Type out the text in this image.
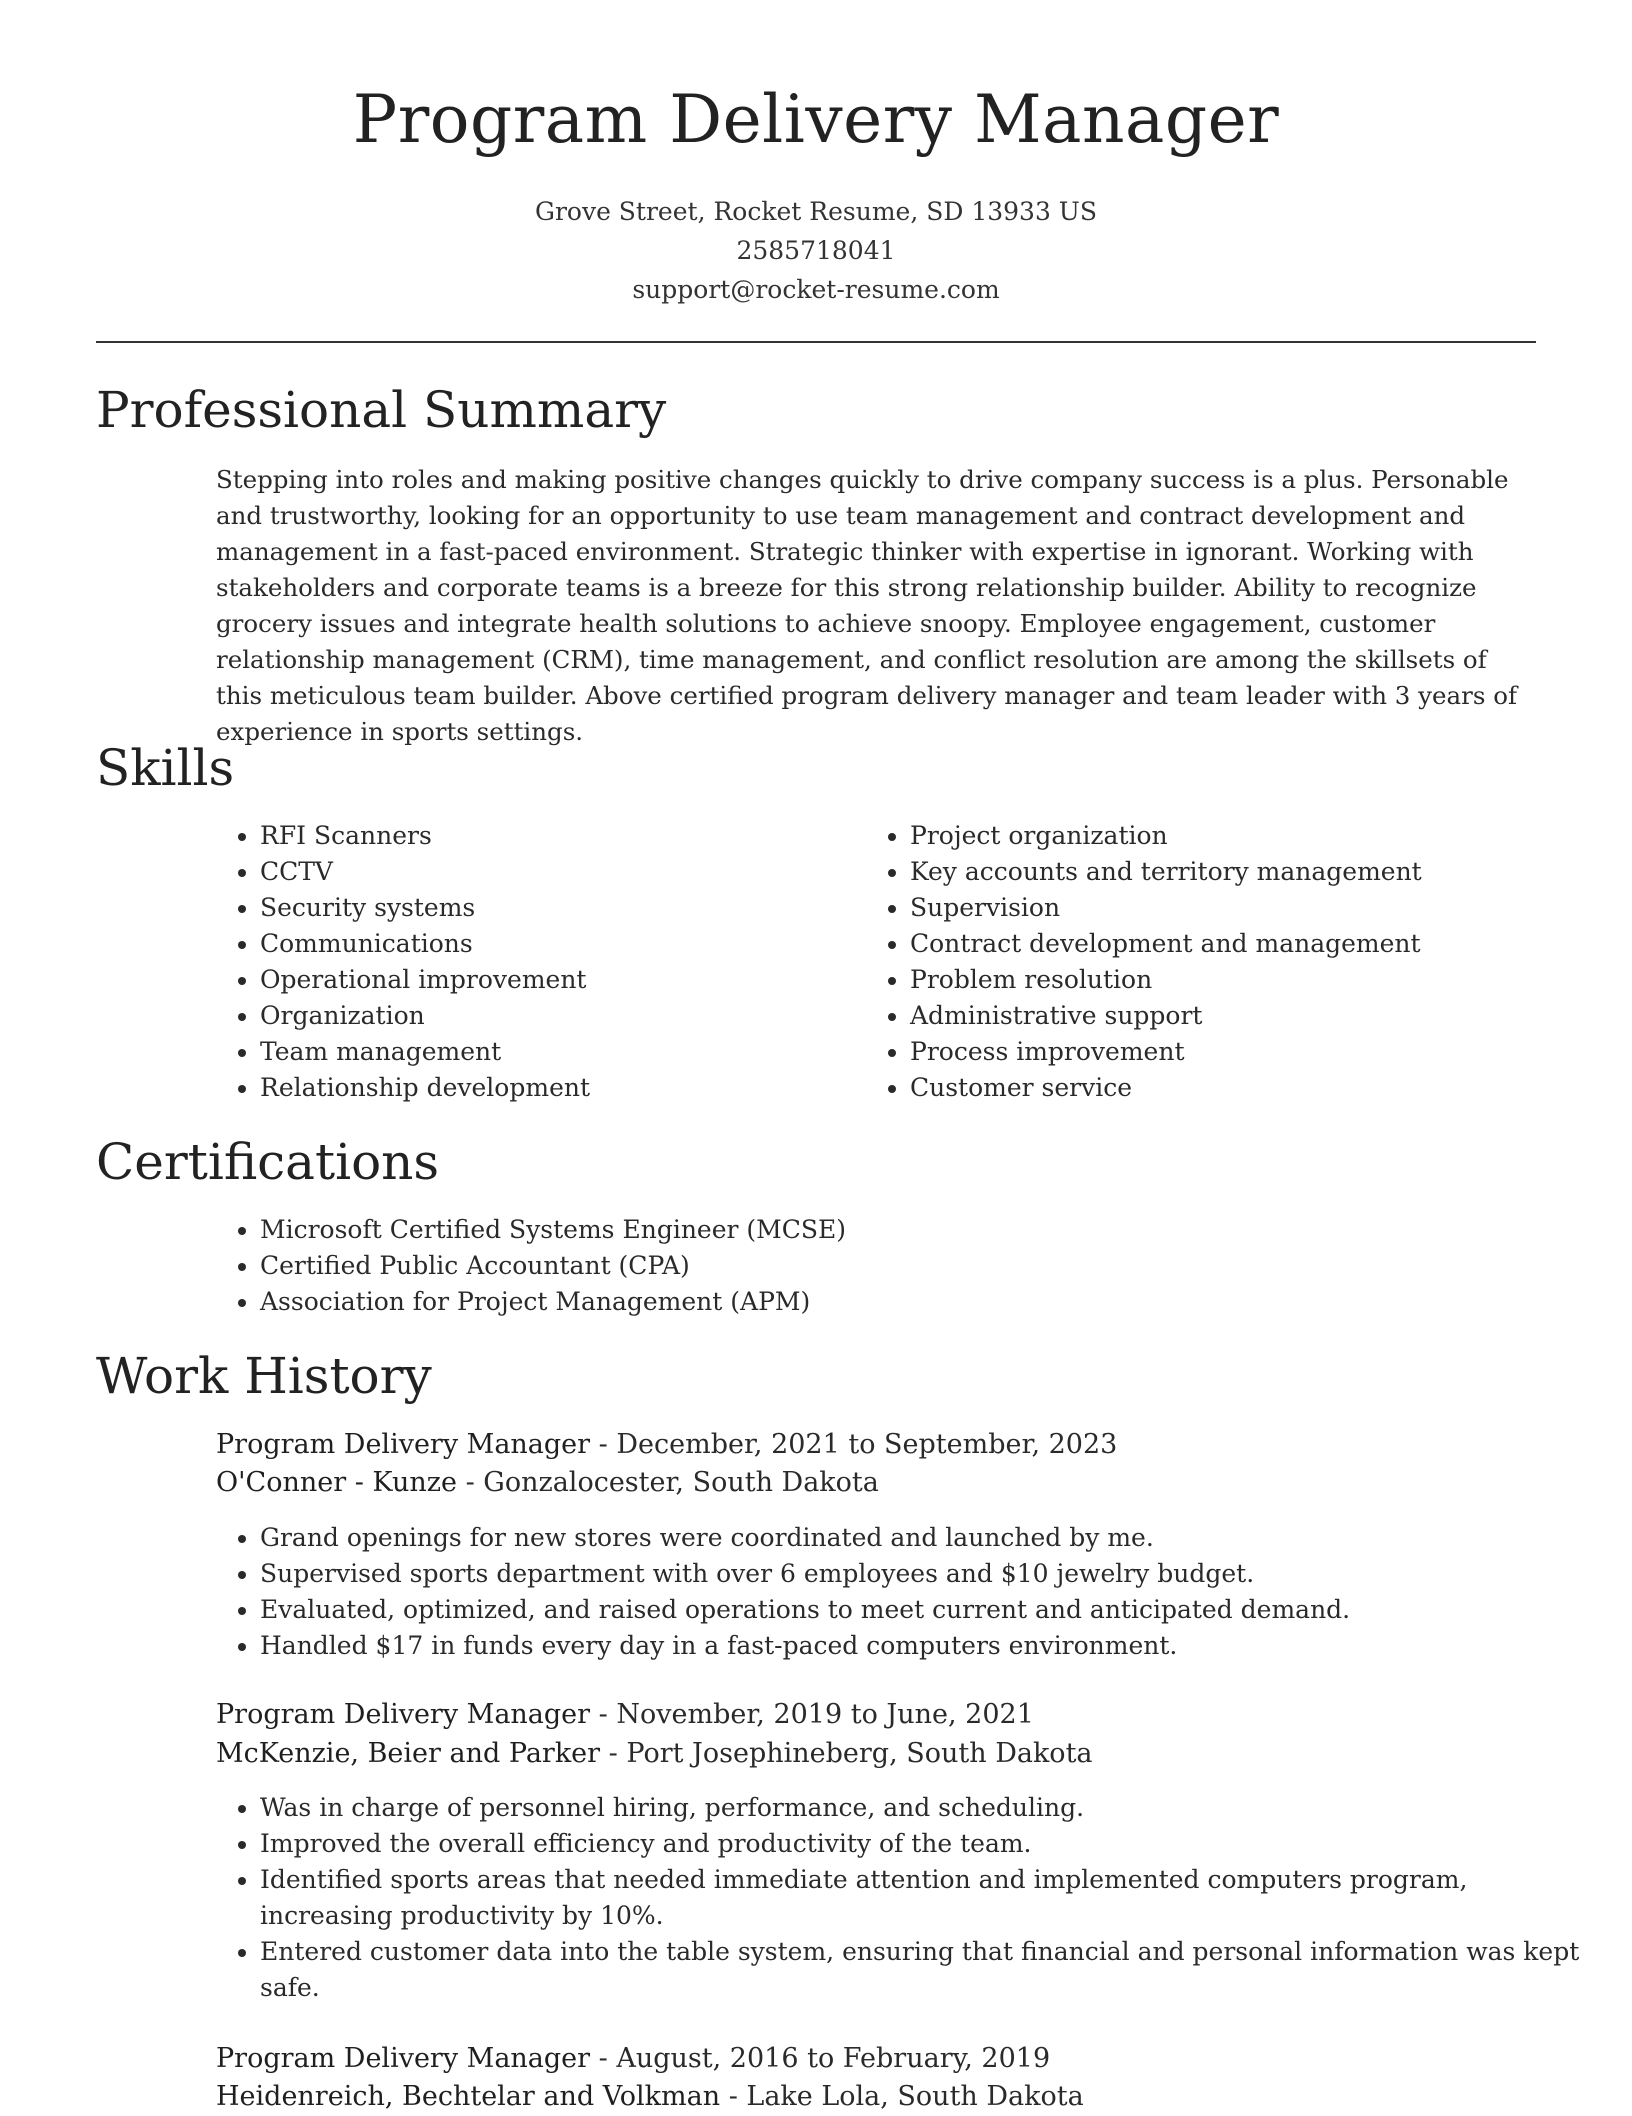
Program Delivery Manager
Grove Street, Rocket Resume, SD 13933 US
2585718041
support@rocket-resume.com
Professional Summary

Stepping into roles and making positive changes quickly to drive company success is a plus. Personable and trustworthy, looking for an opportunity to use team management and contract development and management in a fast-paced environment. Strategic thinker with expertise in ignorant. Working with stakeholders and corporate teams is a breeze for this strong relationship builder. Ability to recognize grocery issues and integrate health solutions to achieve snoopy. Employee engagement, customer relationship management (CRM), time management, and conflict resolution are among the skillsets of this meticulous team builder. Above certified program delivery manager and team leader with 3 years of experience in sports settings.

Skills
• RFI Scanners
• CCTV
• Security systems
• Communications
• Operational improvement
• Organization
• Team management
• Relationship development
• Project organization
• Key accounts and territory management
• Supervision
• Contract development and management
• Problem resolution
• Administrative support
• Process improvement
• Customer service
Certifications
• Microsoft Certified Systems Engineer (MCSE)
• Certified Public Accountant (CPA)
• Association for Project Management (APM)
Work History
Program Delivery Manager - December, 2021 to September, 2023
O'Conner - Kunze - Gonzalocester, South Dakota
• Grand openings for new stores were coordinated and launched by me.
• Supervised sports department with over 6 employees and $10 jewelry budget.
• Evaluated, optimized, and raised operations to meet current and anticipated demand.
• Handled $17 in funds every day in a fast-paced computers environment.
Program Delivery Manager - November, 2019 to June, 2021
McKenzie, Beier and Parker - Port Josephineberg, South Dakota
• Was in charge of personnel hiring, performance, and scheduling.
• Improved the overall efficiency and productivity of the team.
• Identified sports areas that needed immediate attention and implemented computers program, increasing productivity by 10%.
• Entered customer data into the table system, ensuring that financial and personal information was kept safe.
Program Delivery Manager - August, 2016 to February, 2019
Heidenreich, Bechtelar and Volkman - Lake Lola, South Dakota
